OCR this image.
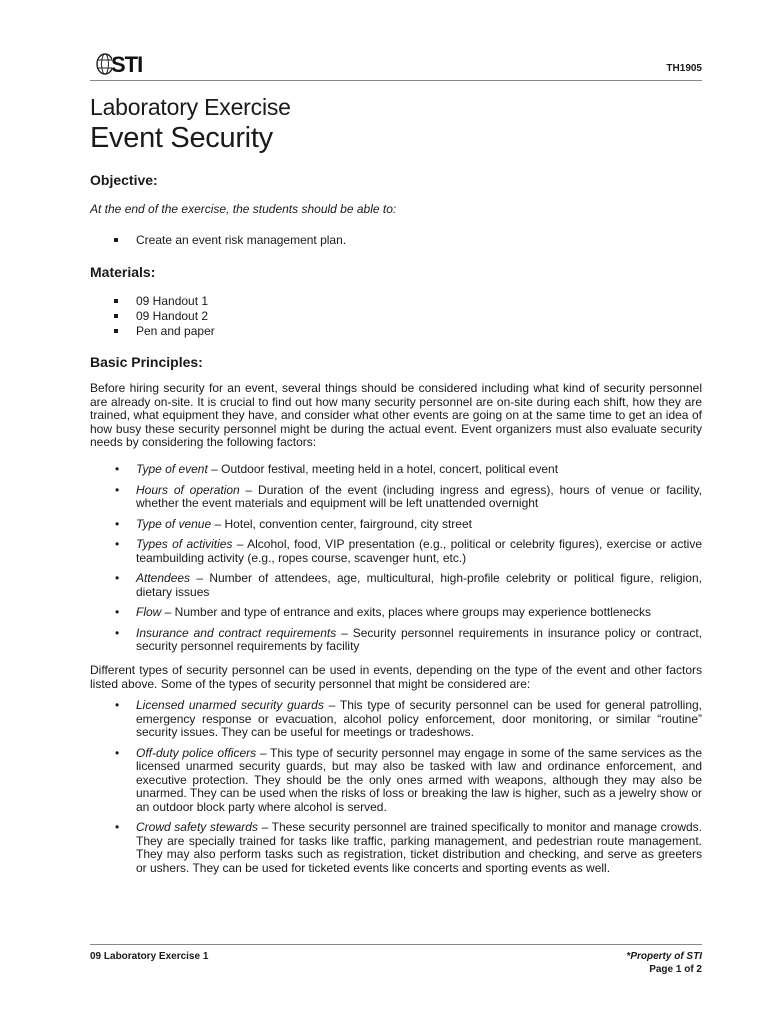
STI	TH1905
Laboratory Exercise
Event Security
Objective:

At the end of the exercise, the students should be able to:

Create an event risk management plan.
Materials:
09 Handout 1
09 Handout 2
Pen and paper
Basic Principles:

Before hiring security for an event, several things should be considered including what kind of security personnel are already on-site. It is crucial to find out how many security personnel are on-site during each shift, how they are trained, what equipment they have, and consider what other events are going on at the same time to get an idea of how busy these security personnel might be during the actual event. Event organizers must also evaluate security needs by considering the following factors:

• Type of event – Outdoor festival, meeting held in a hotel, concert, political event
• Hours of operation – Duration of the event (including ingress and egress), hours of venue or facility, whether the event materials and equipment will be left unattended overnight
• Type of venue – Hotel, convention center, fairground, city street
• Types of activities – Alcohol, food, VIP presentation (e.g., political or celebrity figures), exercise or active teambuilding activity (e.g., ropes course, scavenger hunt, etc.)
• Attendees – Number of attendees, age, multicultural, high-profile celebrity or political figure, religion, dietary issues
• Flow – Number and type of entrance and exits, places where groups may experience bottlenecks
• Insurance and contract requirements – Security personnel requirements in insurance policy or contract, security personnel requirements by facility

Different types of security personnel can be used in events, depending on the type of the event and other factors listed above. Some of the types of security personnel that might be considered are:

• Licensed unarmed security guards – This type of security personnel can be used for general patrolling, emergency response or evacuation, alcohol policy enforcement, door monitoring, or similar “routine” security issues. They can be useful for meetings or tradeshows.
• Off-duty police officers – This type of security personnel may engage in some of the same services as the licensed unarmed security guards, but may also be tasked with law and ordinance enforcement, and executive protection. They should be the only ones armed with weapons, although they may also be unarmed. They can be used when the risks of loss or breaking the law is higher, such as a jewelry show or an outdoor block party where alcohol is served.
• Crowd safety stewards – These security personnel are trained specifically to monitor and manage crowds. They are specially trained for tasks like traffic, parking management, and pedestrian route management. They may also perform tasks such as registration, ticket distribution and checking, and serve as greeters or ushers. They can be used for ticketed events like concerts and sporting events as well.
09 Laboratory Exercise 1	*Property of STI
Page 1 of 2
